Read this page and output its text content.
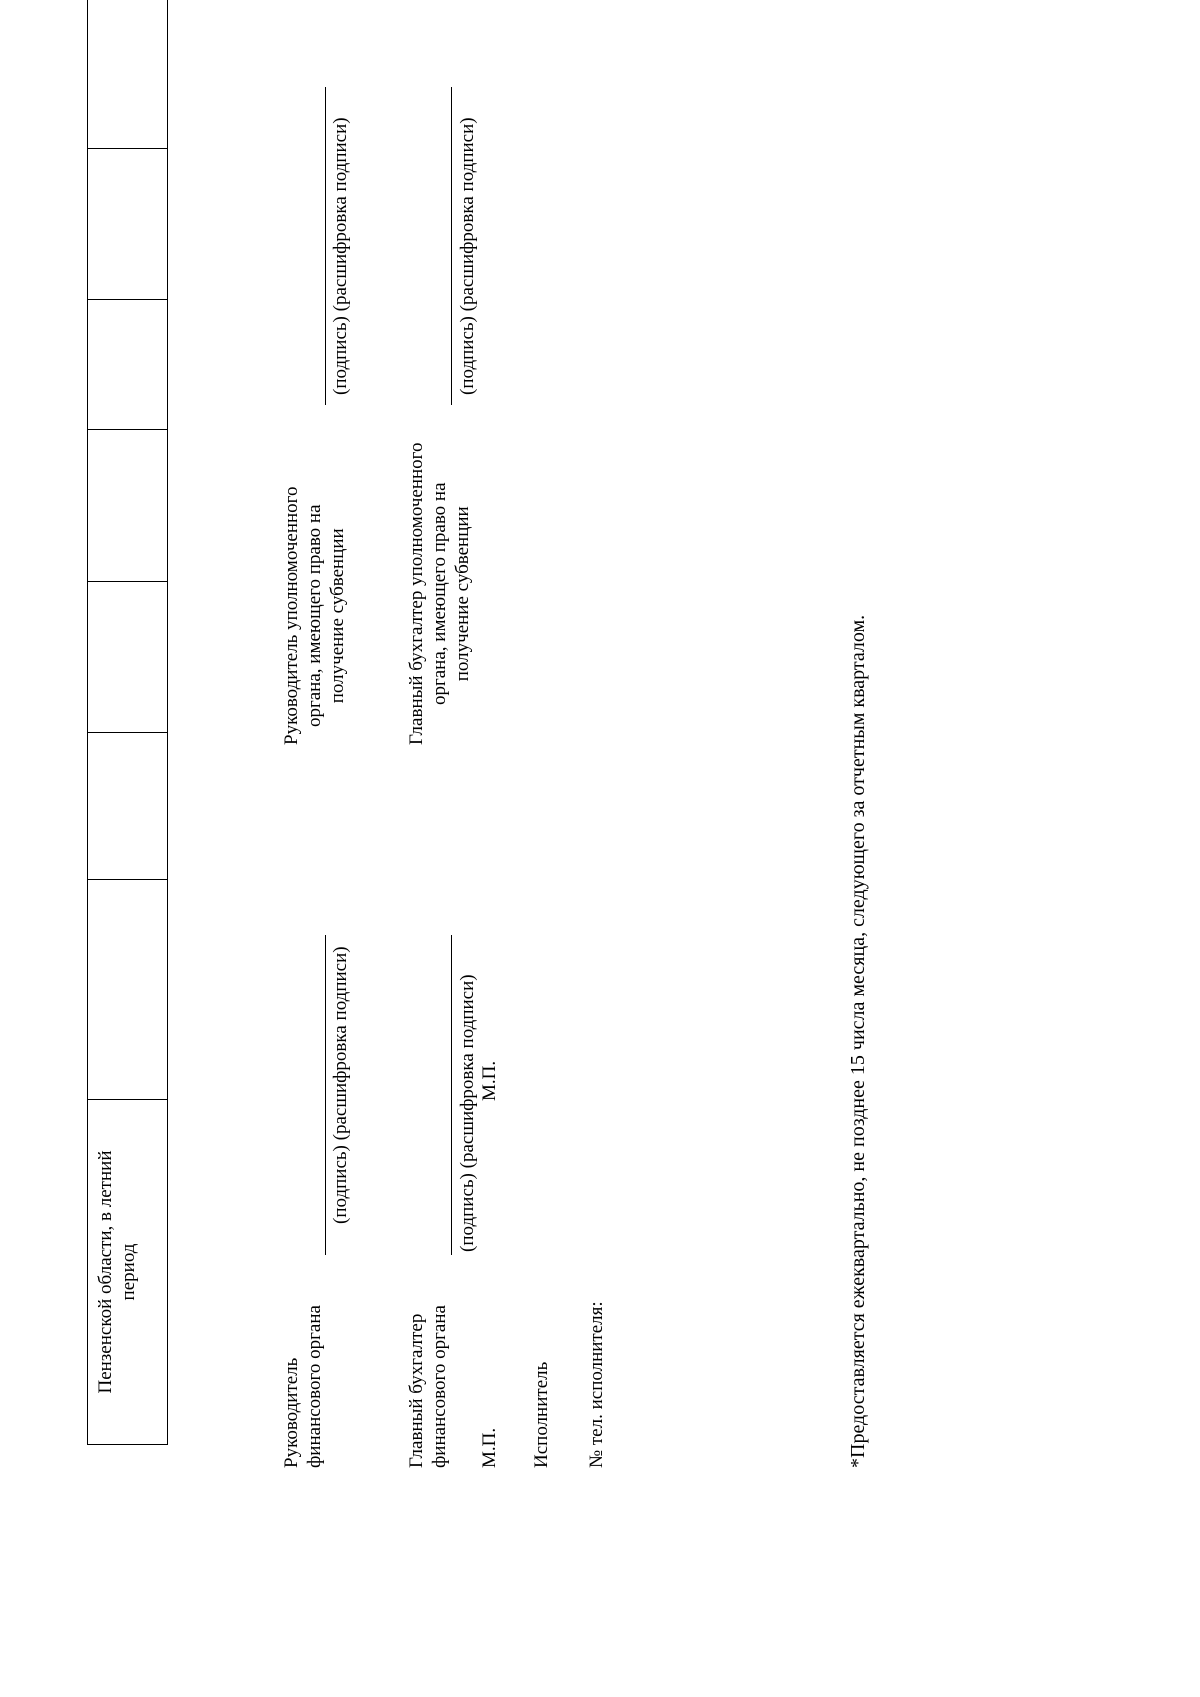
Пензенской области, в летний период
Руководитель финансового органа
(подпись) (расшифровка подписи)
Главный бухгалтер финансового органа
(подпись) (расшифровка подписи)
М.П.
М.П.
Исполнитель № тел. исполнителя:
Руководитель уполномоченного органа, имеющего право на получение субвенции
(подпись) (расшифровка подписи)
Главный бухгалтер уполномоченного органа, имеющего право на получение субвенции
(подпись) (расшифровка подписи)
*Предоставляется ежеквартально, не позднее 15 числа месяца, следующего за отчетным кварталом.
